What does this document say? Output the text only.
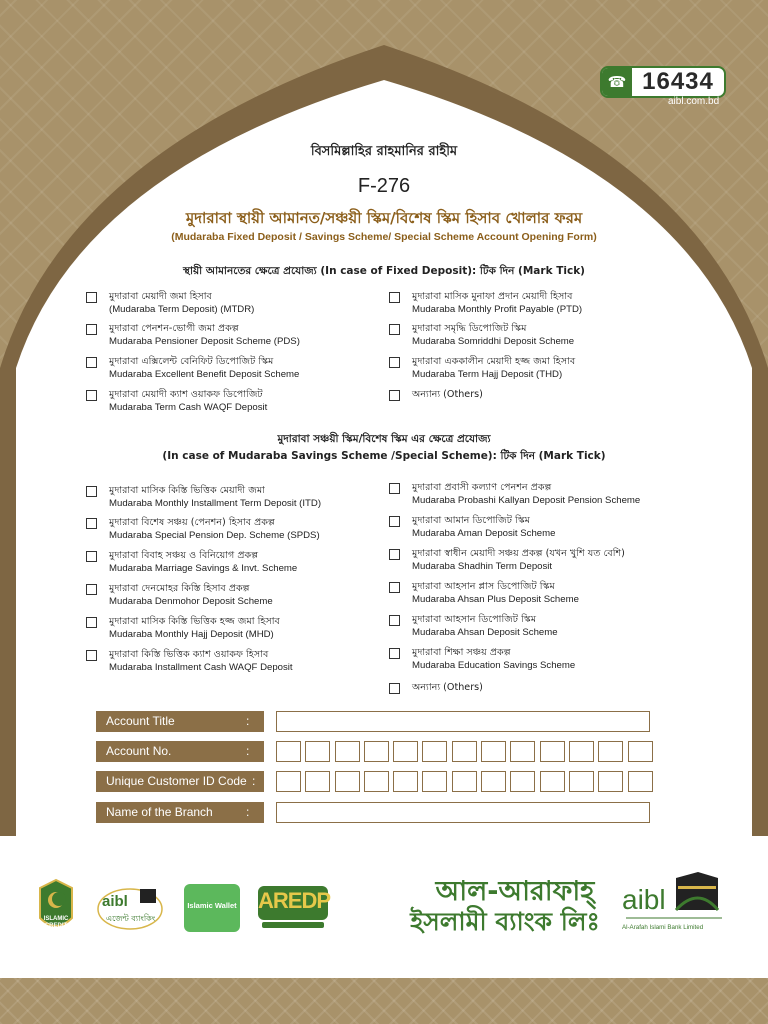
☎ 16434
aibl.com.bd
বিসমিল্লাহির রাহমানির রাহীম
F-276
মুদারাবা স্থায়ী আমানত/সঞ্চয়ী স্কিম/বিশেষ স্কিম হিসাব খোলার ফরম
(Mudaraba Fixed Deposit / Savings Scheme/ Special Scheme Account Opening Form)
স্থায়ী আমানতের ক্ষেত্রে প্রযোজ্য (In case of Fixed Deposit): টিক দিন (Mark Tick)
মুদারাবা মেয়াদী জমা হিসাব
(Mudaraba Term Deposit) (MTDR)
মুদারাবা পেনশন-ভোগী জমা প্রকল্প
Mudaraba Pensioner Deposit Scheme (PDS)
মুদারাবা এক্সিলেন্ট বেনিফিট ডিপোজিট স্কিম
Mudaraba Excellent Benefit Deposit Scheme
মুদারাবা মেয়াদী ক্যাশ ওয়াকফ ডিপোজিট
Mudaraba Term Cash WAQF Deposit
মুদারাবা মাসিক মুনাফা প্রদান মেয়াদী হিসাব
Mudaraba Monthly Profit Payable (PTD)
মুদারাবা সমৃদ্ধি ডিপোজিট স্কিম
Mudaraba Somriddhi Deposit Scheme
মুদারাবা এককালীন মেয়াদী হজ্জ জমা হিসাব
Mudaraba Term Hajj Deposit (THD)
অন্যান্য (Others)
মুদারাবা সঞ্চয়ী স্কিম/বিশেষ স্কিম এর ক্ষেত্রে প্রযোজ্য
(In case of Mudaraba Savings Scheme /Special Scheme): টিক দিন (Mark Tick)
মুদারাবা মাসিক কিস্তি ভিত্তিক মেয়াদী জমা
Mudaraba Monthly Installment Term Deposit (ITD)
মুদারাবা বিশেষ সঞ্চয় (পেনশন) হিসাব প্রকল্প
Mudaraba Special Pension Dep. Scheme (SPDS)
মুদারাবা বিবাহ সঞ্চয় ও বিনিয়োগ প্রকল্প
Mudaraba Marriage Savings & Invt. Scheme
মুদারাবা দেনমোহর কিস্তি হিসাব প্রকল্প
Mudaraba Denmohor Deposit Scheme
মুদারাবা মাসিক কিস্তি ভিত্তিক হজ্জ জমা হিসাব
Mudaraba Monthly Hajj Deposit (MHD)
মুদারাবা কিস্তি ভিত্তিক ক্যাশ ওয়াকফ হিসাব
Mudaraba Installment Cash WAQF Deposit
মুদারাবা প্রবাসী কল্যাণ পেনশন প্রকল্প
Mudaraba Probashi Kallyan Deposit Pension Scheme
মুদারাবা আমান ডিপোজিট স্কিম
Mudaraba Aman Deposit Scheme
মুদারাবা স্বাধীন মেয়াদী সঞ্চয় প্রকল্প (যখন খুশি যত বেশি)
Mudaraba Shadhin Term Deposit
মুদারাবা আহসান প্লাস ডিপোজিট স্কিম
Mudaraba Ahsan Plus Deposit Scheme
মুদারাবা আহসান ডিপোজিট স্কিম
Mudaraba Ahsan Deposit Scheme
মুদারাবা শিক্ষা সঞ্চয় প্রকল্প
Mudaraba Education Savings Scheme
অন্যান্য (Others)
Account Title	:
Account No.	:
Unique Customer ID Code :
Name of the Branch	:
ISLAMIC CREDIT CARD
aibl
এজেন্ট ব্যাংকিং
Islamic Wallet AREDP	আল-আরাফাহ্
ইসলামী ব্যাংক লিঃ
aibl
Al-Arafah Islami Bank Limited
